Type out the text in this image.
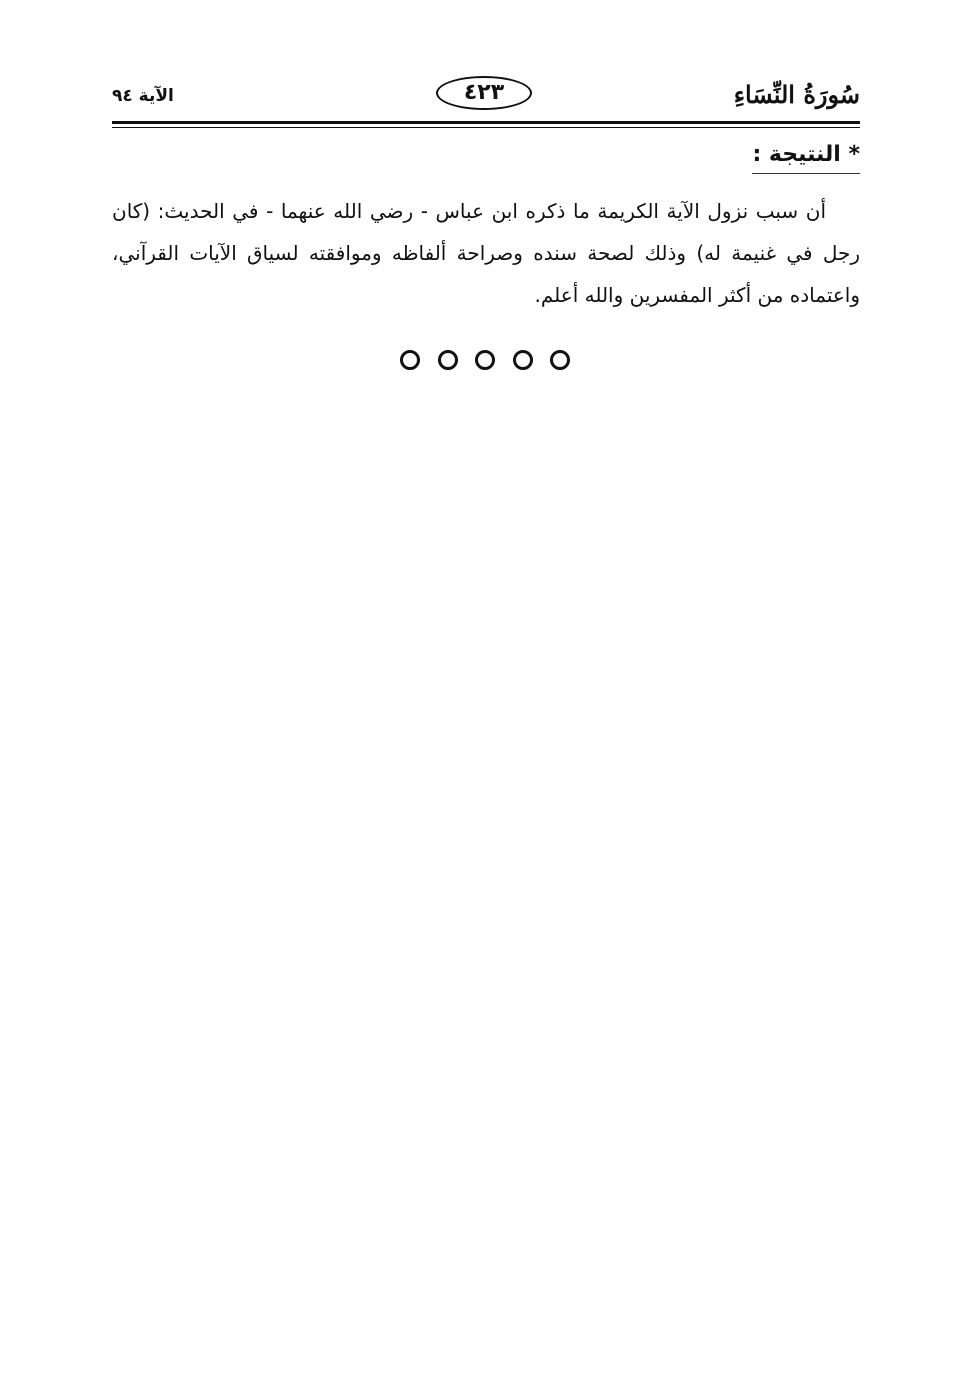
سُورَةُ النِّسَاءِ
٤٢٣
الآية ٩٤
* النتيجة :

أن سبب نزول الآية الكريمة ما ذكره ابن عباس - رضي الله عنهما - في الحديث: (كان رجل في غنيمة له) وذلك لصحة سنده وصراحة ألفاظه وموافقته لسياق الآيات القرآني، واعتماده من أكثر المفسرين والله أعلم.
